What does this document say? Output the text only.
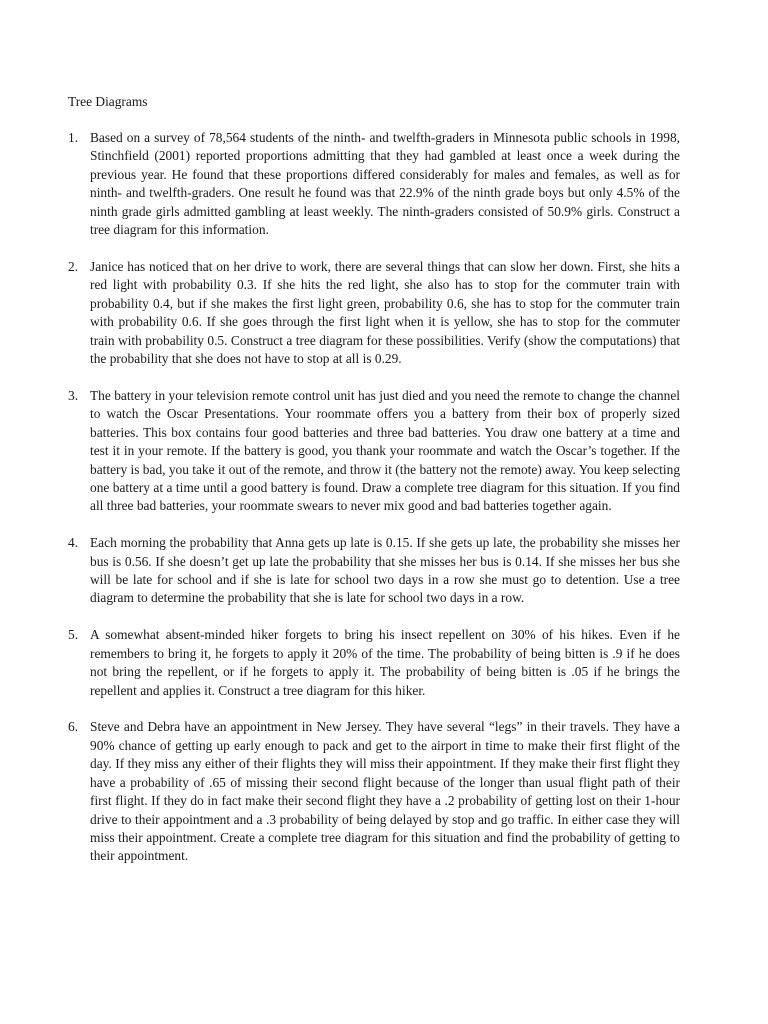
Tree Diagrams
1. Based on a survey of 78,564 students of the ninth- and twelfth-graders in Minnesota public schools in 1998, Stinchfield (2001) reported proportions admitting that they had gambled at least once a week during the previous year. He found that these proportions differed considerably for males and females, as well as for ninth- and twelfth-graders. One result he found was that 22.9% of the ninth grade boys but only 4.5% of the ninth grade girls admitted gambling at least weekly. The ninth-graders consisted of 50.9% girls. Construct a tree diagram for this information.

2. Janice has noticed that on her drive to work, there are several things that can slow her down. First, she hits a red light with probability 0.3. If she hits the red light, she also has to stop for the commuter train with probability 0.4, but if she makes the first light green, probability 0.6, she has to stop for the commuter train with probability 0.6. If she goes through the first light when it is yellow, she has to stop for the commuter train with probability 0.5. Construct a tree diagram for these possibilities. Verify (show the computations) that the probability that she does not have to stop at all is 0.29.

3. The battery in your television remote control unit has just died and you need the remote to change the channel to watch the Oscar Presentations. Your roommate offers you a battery from their box of properly sized batteries. This box contains four good batteries and three bad batteries. You draw one battery at a time and test it in your remote. If the battery is good, you thank your roommate and watch the Oscar’s together. If the battery is bad, you take it out of the remote, and throw it (the battery not the remote) away. You keep selecting one battery at a time until a good battery is found. Draw a complete tree diagram for this situation. If you find all three bad batteries, your roommate swears to never mix good and bad batteries together again.

4. Each morning the probability that Anna gets up late is 0.15. If she gets up late, the probability she misses her bus is 0.56. If she doesn’t get up late the probability that she misses her bus is 0.14. If she misses her bus she will be late for school and if she is late for school two days in a row she must go to detention. Use a tree diagram to determine the probability that she is late for school two days in a row.

5. A somewhat absent-minded hiker forgets to bring his insect repellent on 30% of his hikes. Even if he remembers to bring it, he forgets to apply it 20% of the time. The probability of being bitten is .9 if he does not bring the repellent, or if he forgets to apply it. The probability of being bitten is .05 if he brings the repellent and applies it. Construct a tree diagram for this hiker.

6. Steve and Debra have an appointment in New Jersey. They have several “legs” in their travels. They have a 90% chance of getting up early enough to pack and get to the airport in time to make their first flight of the day. If they miss any either of their flights they will miss their appointment. If they make their first flight they have a probability of .65 of missing their second flight because of the longer than usual flight path of their first flight. If they do in fact make their second flight they have a .2 probability of getting lost on their 1-hour drive to their appointment and a .3 probability of being delayed by stop and go traffic. In either case they will miss their appointment. Create a complete tree diagram for this situation and find the probability of getting to their appointment.
